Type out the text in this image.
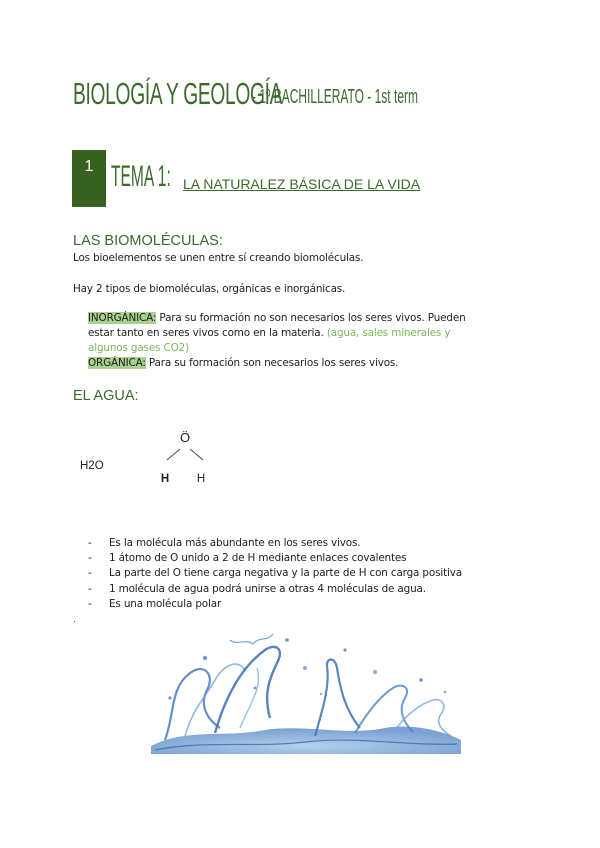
BIOLOGÍA Y GEOLOGÍA
- 1º BACHILLERATO - 1st term
1 TEMA 1: LA NATURALEZ BÁSICA DE LA VIDA
LAS BIOMOLÉCULAS:
Los bioelementos se unen entre sí creando biomoléculas.
Hay 2 tipos de biomoléculas, orgánicas e inorgánicas.
INORGÁNICA: Para su formación no son necesarios los seres vivos. Pueden
estar tanto en seres vivos como en la materia. (agua, sales minerales y
algunos gases CO2)
ORGÁNICA: Para su formación son necesarios los seres vivos.
EL AGUA:
H2O
Ö
H H
- Es la molécula más abundante en los seres vivos.
- 1 átomo de O unido a 2 de H mediante enlaces covalentes
- La parte del O tiene carga negativa y la parte de H con carga positiva
- 1 molécula de agua podrá unirse a otras 4 moléculas de agua.
- Es una molécula polar
.
